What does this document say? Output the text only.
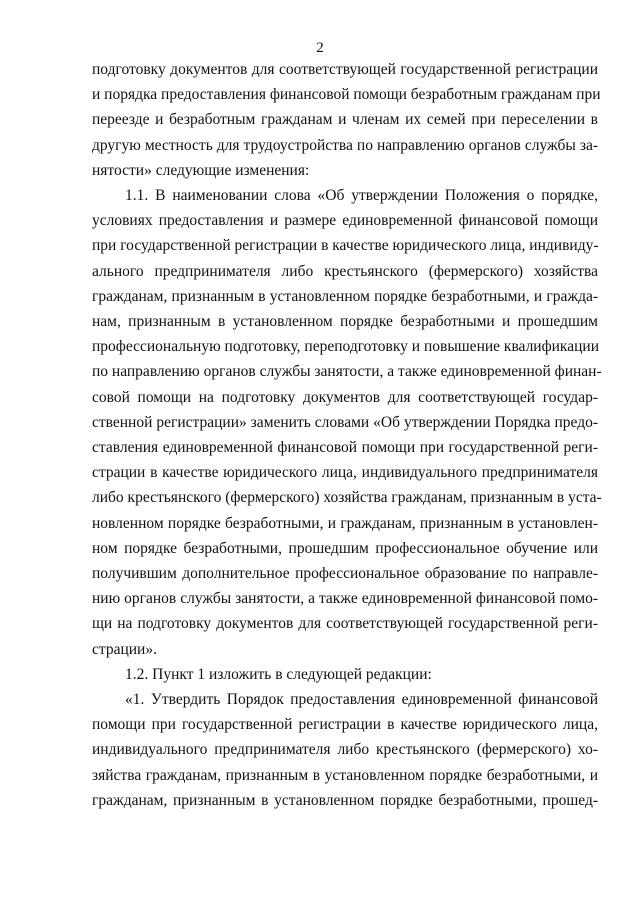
2
подготовку документов для соответствующей государственной регистрации
и порядка предоставления финансовой помощи безработным гражданам при
переезде и безработным гражданам и членам их семей при переселении в
другую местность для трудоустройства по направлению органов службы за-
нятости» следующие изменения:
1.1. В наименовании слова «Об утверждении Положения о порядке,
условиях предоставления и размере единовременной финансовой помощи
при государственной регистрации в качестве юридического лица, индивиду-
ального предпринимателя либо крестьянского (фермерского) хозяйства
гражданам, признанным в установленном порядке безработными, и гражда-
нам, признанным в установленном порядке безработными и прошедшим
профессиональную подготовку, переподготовку и повышение квалификации
по направлению органов службы занятости, а также единовременной финан-
совой помощи на подготовку документов для соответствующей государ-
ственной регистрации» заменить словами «Об утверждении Порядка предо-
ставления единовременной финансовой помощи при государственной реги-
страции в качестве юридического лица, индивидуального предпринимателя
либо крестьянского (фермерского) хозяйства гражданам, признанным в уста-
новленном порядке безработными, и гражданам, признанным в установлен-
ном порядке безработными, прошедшим профессиональное обучение или
получившим дополнительное профессиональное образование по направле-
нию органов службы занятости, а также единовременной финансовой помо-
щи на подготовку документов для соответствующей государственной реги-
страции».
1.2. Пункт 1 изложить в следующей редакции:
«1. Утвердить Порядок предоставления единовременной финансовой
помощи при государственной регистрации в качестве юридического лица,
индивидуального предпринимателя либо крестьянского (фермерского) хо-
зяйства гражданам, признанным в установленном порядке безработными, и
гражданам, признанным в установленном порядке безработными, прошед-
